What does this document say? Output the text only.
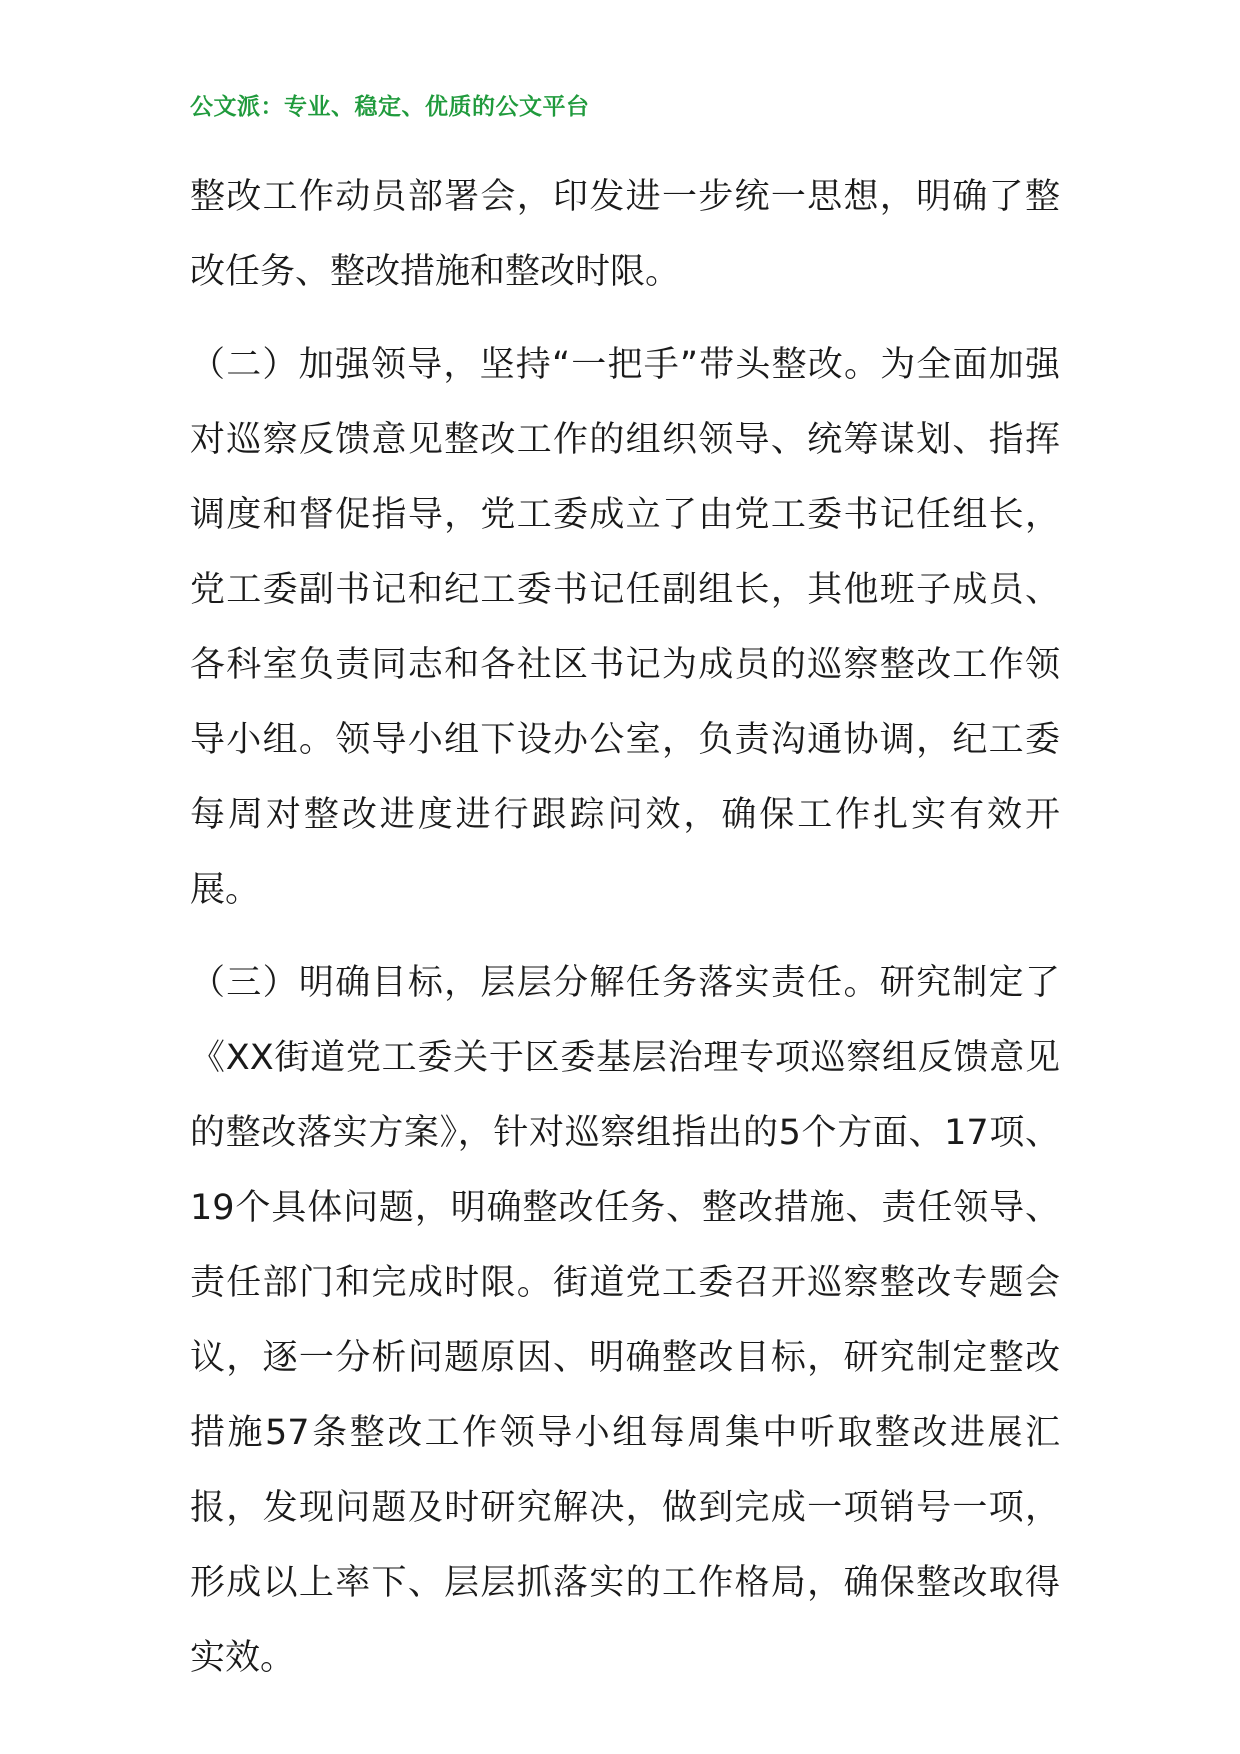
公文派：专业、稳定、优质的公文平台

整改工作动员部署会，印发进一步统一思想，明确了整改任务、整改措施和整改时限。

（二）加强领导，坚持“一把手”带头整改。为全面加强对巡察反馈意见整改工作的组织领导、统筹谋划、指挥调度和督促指导，党工委成立了由党工委书记任组长，党工委副书记和纪工委书记任副组长，其他班子成员、各科室负责同志和各社区书记为成员的巡察整改工作领导小组。领导小组下设办公室，负责沟通协调，纪工委每周对整改进度进行跟踪问效，确保工作扎实有效开展。

（三）明确目标，层层分解任务落实责任。研究制定了《XX街道党工委关于区委基层治理专项巡察组反馈意见的整改落实方案》，针对巡察组指出的5个方面、17项、19个具体问题，明确整改任务、整改措施、责任领导、责任部门和完成时限。街道党工委召开巡察整改专题会议，逐一分析问题原因、明确整改目标，研究制定整改措施57条整改工作领导小组每周集中听取整改进展汇报，发现问题及时研究解决，做到完成一项销号一项，形成以上率下、层层抓落实的工作格局，确保整改取得实效。
